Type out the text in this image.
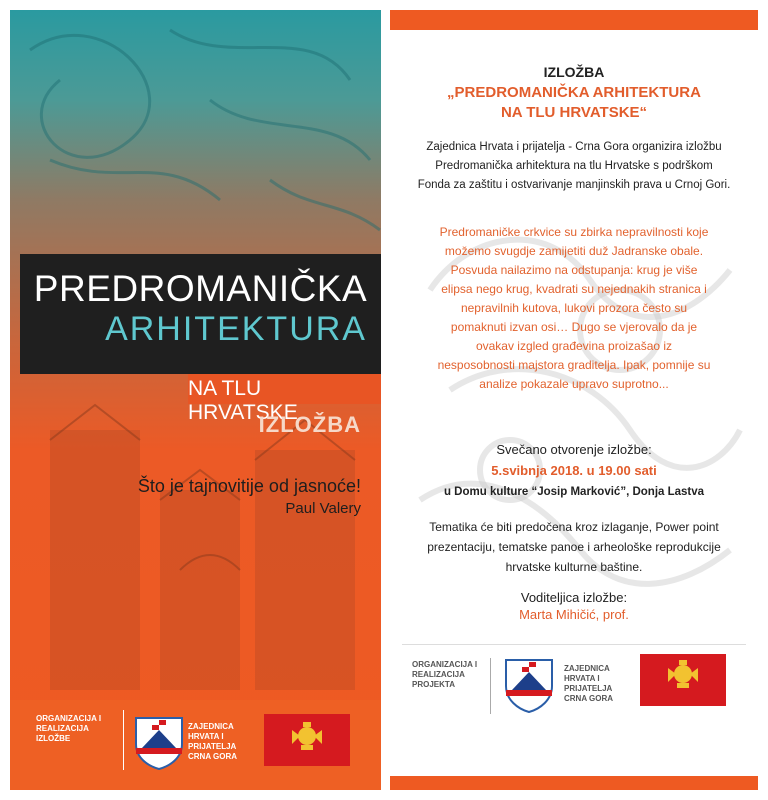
PREDROMANIČKA
ARHITEKTURA
NA TLU HRVATSKE
IZLOŽBA
Što je tajnovitije od jasnoće!
Paul Valery
ORGANIZACIJA I REALIZACIJA IZLOŽBE
ZAJEDNICA
HRVATA I
PRIJATELJA
CRNA GORA
IZLOŽBA
„PREDROMANIČKA ARHITEKTURA
NA TLU HRVATSKE“
Zajednica Hrvata i prijatelja - Crna Gora organizira izložbu
Predromanička arhitektura na tlu Hrvatske s podrškom
Fonda za zaštitu i ostvarivanje manjinskih prava u Crnoj Gori.
Predromaničke crkvice su zbirka nepravilnosti koje
možemo svugdje zamijetiti duž Jadranske obale.
Posvuda nailazimo na odstupanja: krug je više
elipsa nego krug, kvadrati su nejednakih stranica i
nepravilnih kutova, lukovi prozora često su
pomaknuti izvan osi… Dugo se vjerovalo da je
ovakav izgled građevina proizašao iz
nesposobnosti majstora graditelja. Ipak, pomnije su
analize pokazale upravo suprotno...
Svečano otvorenje izložbe:
5.svibnja 2018. u 19.00 sati
u Domu kulture “Josip Marković”, Donja Lastva
Tematika će biti predočena kroz izlaganje, Power point
prezentaciju, tematske panoe i arheološke reprodukcije
hrvatske kulturne baštine.
Voditeljica izložbe:
Marta Mihičić, prof.
ORGANIZACIJA I REALIZACIJA PROJEKTA
ZAJEDNICA
HRVATA I
PRIJATELJA
CRNA GORA
